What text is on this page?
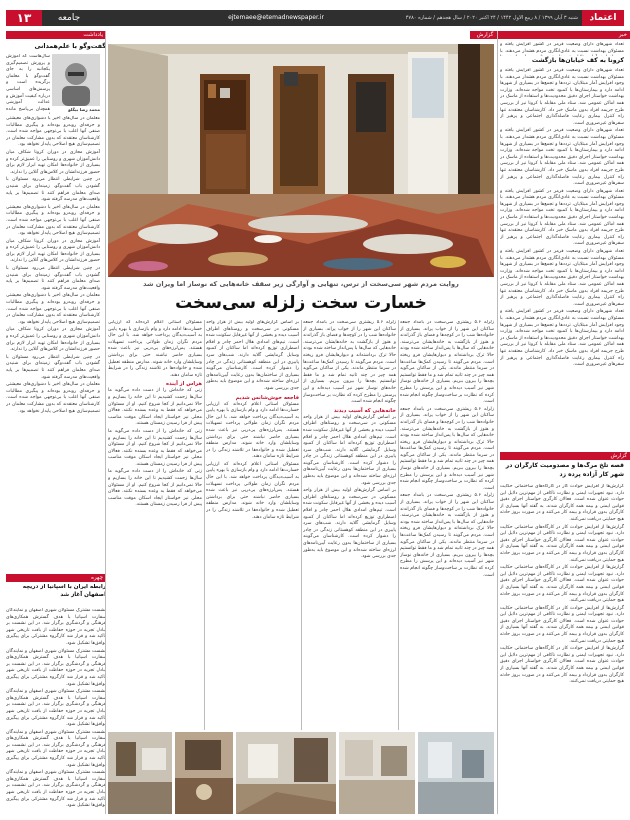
۱۳	جامعه	ejtemaee@etemadnewspaper.ir	شنبه ۳ آبان ۱۳۹۹ / ۸ ربیع الاول ۱۴۴۲ / ۲۴ اکتبر ۲۰۲۰ / سال هجدهم / شماره ۴۷۸۰	اعتماد
یادداشت
گفت‌وگو با علم‌همدانی
محمد رضا بیگلو

سال‌هاست که آموزش و پرورش تصمیم‌گیری یکجانبه را به جای گفت‌وگو با معلمان برگزیده است و پرسش‌های اساسی درباره کیفیت آموزش و عدالت آموزشی همچنان بی‌پاسخ مانده

معلمان در سال‌های اخیر با دشواری‌های معیشتی و حرفه‌ای روبه‌رو بوده‌اند و پیگیری مطالبات صنفی آنها اغلب با بی‌توجهی مواجه شده است. کارشناسان معتقدند که بدون مشارکت معلمان در تصمیم‌سازی هیچ اصلاحی پایدار نخواهد بود.

آموزش مجازی در دوران کرونا شکاف میان دانش‌آموزان شهری و روستایی را عمیق‌تر کرده و بسیاری از خانواده‌ها امکان تهیه ابزار لازم برای حضور فرزندانشان در کلاس‌های آنلاین را ندارند.

در چنین شرایطی انتظار می‌رود مسئولان با گشودن باب گفت‌وگو، زمینه‌ای برای شنیدن صدای معلمان فراهم کنند تا تصمیم‌ها بر پایه واقعیت‌های مدرسه گرفته شود.

معلمان در سال‌های اخیر با دشواری‌های معیشتی و حرفه‌ای روبه‌رو بوده‌اند و پیگیری مطالبات صنفی آنها اغلب با بی‌توجهی مواجه شده است. کارشناسان معتقدند که بدون مشارکت معلمان در تصمیم‌سازی هیچ اصلاحی پایدار نخواهد بود.

آموزش مجازی در دوران کرونا شکاف میان دانش‌آموزان شهری و روستایی را عمیق‌تر کرده و بسیاری از خانواده‌ها امکان تهیه ابزار لازم برای حضور فرزندانشان در کلاس‌های آنلاین را ندارند.

در چنین شرایطی انتظار می‌رود مسئولان با گشودن باب گفت‌وگو، زمینه‌ای برای شنیدن صدای معلمان فراهم کنند تا تصمیم‌ها بر پایه واقعیت‌های مدرسه گرفته شود.

معلمان در سال‌های اخیر با دشواری‌های معیشتی و حرفه‌ای روبه‌رو بوده‌اند و پیگیری مطالبات صنفی آنها اغلب با بی‌توجهی مواجه شده است. کارشناسان معتقدند که بدون مشارکت معلمان در تصمیم‌سازی هیچ اصلاحی پایدار نخواهد بود.

آموزش مجازی در دوران کرونا شکاف میان دانش‌آموزان شهری و روستایی را عمیق‌تر کرده و بسیاری از خانواده‌ها امکان تهیه ابزار لازم برای حضور فرزندانشان در کلاس‌های آنلاین را ندارند.

در چنین شرایطی انتظار می‌رود مسئولان با گشودن باب گفت‌وگو، زمینه‌ای برای شنیدن صدای معلمان فراهم کنند تا تصمیم‌ها بر پایه واقعیت‌های مدرسه گرفته شود.

معلمان در سال‌های اخیر با دشواری‌های معیشتی و حرفه‌ای روبه‌رو بوده‌اند و پیگیری مطالبات صنفی آنها اغلب با بی‌توجهی مواجه شده است. کارشناسان معتقدند که بدون مشارکت معلمان در تصمیم‌سازی هیچ اصلاحی پایدار نخواهد بود.

چهره
رابطه ایران با اسپانیا از دریچه اصفهان آغاز شد

نشست مشترک مسئولان شهری اصفهان و نمایندگان سفارت اسپانیا با هدف گسترش همکاری‌های فرهنگی و گردشگری برگزار شد. در این نشست بر تبادل تجربه در حوزه حفاظت از بافت تاریخی شهر تاکید شد و قرار شد کارگروه مشترکی برای پیگیری توافق‌ها تشکیل شود.

نشست مشترک مسئولان شهری اصفهان و نمایندگان سفارت اسپانیا با هدف گسترش همکاری‌های فرهنگی و گردشگری برگزار شد. در این نشست بر تبادل تجربه در حوزه حفاظت از بافت تاریخی شهر تاکید شد و قرار شد کارگروه مشترکی برای پیگیری توافق‌ها تشکیل شود.

نشست مشترک مسئولان شهری اصفهان و نمایندگان سفارت اسپانیا با هدف گسترش همکاری‌های فرهنگی و گردشگری برگزار شد. در این نشست بر تبادل تجربه در حوزه حفاظت از بافت تاریخی شهر تاکید شد و قرار شد کارگروه مشترکی برای پیگیری توافق‌ها تشکیل شود.

نشست مشترک مسئولان شهری اصفهان و نمایندگان سفارت اسپانیا با هدف گسترش همکاری‌های فرهنگی و گردشگری برگزار شد. در این نشست بر تبادل تجربه در حوزه حفاظت از بافت تاریخی شهر تاکید شد و قرار شد کارگروه مشترکی برای پیگیری توافق‌ها تشکیل شود.

نشست مشترک مسئولان شهری اصفهان و نمایندگان سفارت اسپانیا با هدف گسترش همکاری‌های فرهنگی و گردشگری برگزار شد. در این نشست بر تبادل تجربه در حوزه حفاظت از بافت تاریخی شهر تاکید شد و قرار شد کارگروه مشترکی برای پیگیری توافق‌ها تشکیل شود.

گزارش
روایت مردم شهر سی‌سخت از ترس، تنهایی و آوارگی زیر سقف خانه‌هایی که نوساز اما ویران شد
خسارت سخت زلزله سی‌سخت

زلزله ۵.۶ ریشتری سی‌سخت در بامداد جمعه ساکنان این شهر را از خواب پراند. بسیاری از خانواده‌ها شب را در کوچه‌ها و فضای باز گذراندند و هنوز از بازگشت به خانه‌هایشان می‌ترسند. خانه‌هایی که سال‌ها با پس‌انداز ساخته شده بودند حالا ترک برداشته‌اند و دیوارهایشان فرو ریخته است. مردم می‌گویند تا رسیدن کمک‌ها ساعت‌ها در سرما منتظر ماندند. یکی از ساکنان می‌گوید همه چیز در چند ثانیه تمام شد و ما فقط توانستیم بچه‌ها را بیرون ببریم. بسیاری از خانه‌های نوساز شهر نیز آسیب دیده‌اند و این پرسش را مطرح کرده که نظارت بر ساخت‌وساز چگونه انجام شده است.

زلزله ۵.۶ ریشتری سی‌سخت در بامداد جمعه ساکنان این شهر را از خواب پراند. بسیاری از خانواده‌ها شب را در کوچه‌ها و فضای باز گذراندند و هنوز از بازگشت به خانه‌هایشان می‌ترسند. خانه‌هایی که سال‌ها با پس‌انداز ساخته شده بودند حالا ترک برداشته‌اند و دیوارهایشان فرو ریخته است. مردم می‌گویند تا رسیدن کمک‌ها ساعت‌ها در سرما منتظر ماندند. یکی از ساکنان می‌گوید همه چیز در چند ثانیه تمام شد و ما فقط توانستیم بچه‌ها را بیرون ببریم. بسیاری از خانه‌های نوساز شهر نیز آسیب دیده‌اند و این پرسش را مطرح کرده که نظارت بر ساخت‌وساز چگونه انجام شده است.

زلزله ۵.۶ ریشتری سی‌سخت در بامداد جمعه ساکنان این شهر را از خواب پراند. بسیاری از خانواده‌ها شب را در کوچه‌ها و فضای باز گذراندند و هنوز از بازگشت به خانه‌هایشان می‌ترسند. خانه‌هایی که سال‌ها با پس‌انداز ساخته شده بودند حالا ترک برداشته‌اند و دیوارهایشان فرو ریخته است. مردم می‌گویند تا رسیدن کمک‌ها ساعت‌ها در سرما منتظر ماندند. یکی از ساکنان می‌گوید همه چیز در چند ثانیه تمام شد و ما فقط توانستیم بچه‌ها را بیرون ببریم. بسیاری از خانه‌های نوساز شهر نیز آسیب دیده‌اند و این پرسش را مطرح کرده که نظارت بر ساخت‌وساز چگونه انجام شده است.

زلزله ۵.۶ ریشتری سی‌سخت در بامداد جمعه ساکنان این شهر را از خواب پراند. بسیاری از خانواده‌ها شب را در کوچه‌ها و فضای باز گذراندند و هنوز از بازگشت به خانه‌هایشان می‌ترسند. خانه‌هایی که سال‌ها با پس‌انداز ساخته شده بودند حالا ترک برداشته‌اند و دیوارهایشان فرو ریخته است. مردم می‌گویند تا رسیدن کمک‌ها ساعت‌ها در سرما منتظر ماندند. یکی از ساکنان می‌گوید همه چیز در چند ثانیه تمام شد و ما فقط توانستیم بچه‌ها را بیرون ببریم. بسیاری از خانه‌های نوساز شهر نیز آسیب دیده‌اند و این پرسش را مطرح کرده که نظارت بر ساخت‌وساز چگونه انجام شده است.

خانه‌هایی که آسیب دیدند

بر اساس گزارش‌های اولیه بیش از هزار واحد مسکونی در سی‌سخت و روستاهای اطراف آسیب دیده و بخشی از آنها غیرقابل سکونت شده است. تیم‌های امدادی هلال احمر چادر و اقلام اضطراری توزیع کرده‌اند اما ساکنان از کمبود وسایل گرمایشی گلایه دارند. شب‌های سرد پاییزی در این منطقه کوهستانی زندگی در چادر را دشوار کرده است. کارشناسان می‌گویند بسیاری از ساختمان‌ها بدون رعایت آیین‌نامه‌های لرزه‌ای ساخته شده‌اند و این موضوع باید به‌طور جدی بررسی شود.

بر اساس گزارش‌های اولیه بیش از هزار واحد مسکونی در سی‌سخت و روستاهای اطراف آسیب دیده و بخشی از آنها غیرقابل سکونت شده است. تیم‌های امدادی هلال احمر چادر و اقلام اضطراری توزیع کرده‌اند اما ساکنان از کمبود وسایل گرمایشی گلایه دارند. شب‌های سرد پاییزی در این منطقه کوهستانی زندگی در چادر را دشوار کرده است. کارشناسان می‌گویند بسیاری از ساختمان‌ها بدون رعایت آیین‌نامه‌های لرزه‌ای ساخته شده‌اند و این موضوع باید به‌طور جدی بررسی شود.

بر اساس گزارش‌های اولیه بیش از هزار واحد مسکونی در سی‌سخت و روستاهای اطراف آسیب دیده و بخشی از آنها غیرقابل سکونت شده است. تیم‌های امدادی هلال احمر چادر و اقلام اضطراری توزیع کرده‌اند اما ساکنان از کمبود وسایل گرمایشی گلایه دارند. شب‌های سرد پاییزی در این منطقه کوهستانی زندگی در چادر را دشوار کرده است. کارشناسان می‌گویند بسیاری از ساختمان‌ها بدون رعایت آیین‌نامه‌های لرزه‌ای ساخته شده‌اند و این موضوع باید به‌طور جدی بررسی شود.

فاجعه خوش‌شانس شدیم

مسئولان استانی اعلام کرده‌اند که ارزیابی خسارت‌ها ادامه دارد و وام بازسازی با بهره پایین به آسیب‌دیدگان پرداخت خواهد شد. با این حال مردم نگران زمان طولانی پرداخت تسهیلات هستند. پس‌لرزه‌های پی‌درپی نیز باعث شده بسیاری حاضر نباشند حتی برای برداشتن وسایلشان وارد خانه شوند. مدارس منطقه تعطیل شده و خانواده‌ها در تلاشند زندگی را در شرایط تازه سامان دهند.

مسئولان استانی اعلام کرده‌اند که ارزیابی خسارت‌ها ادامه دارد و وام بازسازی با بهره پایین به آسیب‌دیدگان پرداخت خواهد شد. با این حال مردم نگران زمان طولانی پرداخت تسهیلات هستند. پس‌لرزه‌های پی‌درپی نیز باعث شده بسیاری حاضر نباشند حتی برای برداشتن وسایلشان وارد خانه شوند. مدارس منطقه تعطیل شده و خانواده‌ها در تلاشند زندگی را در شرایط تازه سامان دهند.

مسئولان استانی اعلام کرده‌اند که ارزیابی خسارت‌ها ادامه دارد و وام بازسازی با بهره پایین به آسیب‌دیدگان پرداخت خواهد شد. با این حال مردم نگران زمان طولانی پرداخت تسهیلات هستند. پس‌لرزه‌های پی‌درپی نیز باعث شده بسیاری حاضر نباشند حتی برای برداشتن وسایلشان وارد خانه شوند. مدارس منطقه تعطیل شده و خانواده‌ها در تلاشند زندگی را در شرایط تازه سامان دهند.

هراس از آینده

زنی که خانه‌اش را از دست داده می‌گوید ما سال‌ها زحمت کشیدیم تا این خانه را بسازیم و حالا نمی‌دانیم از کجا شروع کنیم. او از مسئولان می‌خواهد که فقط به وعده بسنده نکنند. فعالان محلی نیز خواستار ایجاد اسکان موقت مناسب پیش از فرا رسیدن زمستان هستند.

زنی که خانه‌اش را از دست داده می‌گوید ما سال‌ها زحمت کشیدیم تا این خانه را بسازیم و حالا نمی‌دانیم از کجا شروع کنیم. او از مسئولان می‌خواهد که فقط به وعده بسنده نکنند. فعالان محلی نیز خواستار ایجاد اسکان موقت مناسب پیش از فرا رسیدن زمستان هستند.

زنی که خانه‌اش را از دست داده می‌گوید ما سال‌ها زحمت کشیدیم تا این خانه را بسازیم و حالا نمی‌دانیم از کجا شروع کنیم. او از مسئولان می‌خواهد که فقط به وعده بسنده نکنند. فعالان محلی نیز خواستار ایجاد اسکان موقت مناسب پیش از فرا رسیدن زمستان هستند.

خبر

تعداد شهرهای دارای وضعیت قرمز در کشور افزایش یافته و مسئولان بهداشت نسبت به عادی‌انگاری مردم هشدار می‌دهند. با

کرونا به کف خیابان‌ها بازگشت

تعداد شهرهای دارای وضعیت قرمز در کشور افزایش یافته و مسئولان بهداشت نسبت به عادی‌انگاری مردم هشدار می‌دهند. با وجود افزایش آمار مبتلایان، ترددها و تجمع‌ها در بسیاری از شهرها ادامه دارد و بیمارستان‌ها با کمبود تخت مواجه شده‌اند. وزارت بهداشت خواستار اجرای دقیق محدودیت‌ها و استفاده از ماسک در همه اماکن عمومی شد. ستاد ملی مقابله با کرونا نیز از بررسی طرح جریمه افراد بدون ماسک خبر داد. کارشناسان معتقدند تنها راه کنترل بیماری رعایت فاصله‌گذاری اجتماعی و پرهیز از سفرهای غیرضروری است.

تعداد شهرهای دارای وضعیت قرمز در کشور افزایش یافته و مسئولان بهداشت نسبت به عادی‌انگاری مردم هشدار می‌دهند. با وجود افزایش آمار مبتلایان، ترددها و تجمع‌ها در بسیاری از شهرها ادامه دارد و بیمارستان‌ها با کمبود تخت مواجه شده‌اند. وزارت بهداشت خواستار اجرای دقیق محدودیت‌ها و استفاده از ماسک در همه اماکن عمومی شد. ستاد ملی مقابله با کرونا نیز از بررسی طرح جریمه افراد بدون ماسک خبر داد. کارشناسان معتقدند تنها راه کنترل بیماری رعایت فاصله‌گذاری اجتماعی و پرهیز از سفرهای غیرضروری است.

تعداد شهرهای دارای وضعیت قرمز در کشور افزایش یافته و مسئولان بهداشت نسبت به عادی‌انگاری مردم هشدار می‌دهند. با وجود افزایش آمار مبتلایان، ترددها و تجمع‌ها در بسیاری از شهرها ادامه دارد و بیمارستان‌ها با کمبود تخت مواجه شده‌اند. وزارت بهداشت خواستار اجرای دقیق محدودیت‌ها و استفاده از ماسک در همه اماکن عمومی شد. ستاد ملی مقابله با کرونا نیز از بررسی طرح جریمه افراد بدون ماسک خبر داد. کارشناسان معتقدند تنها راه کنترل بیماری رعایت فاصله‌گذاری اجتماعی و پرهیز از سفرهای غیرضروری است.

تعداد شهرهای دارای وضعیت قرمز در کشور افزایش یافته و مسئولان بهداشت نسبت به عادی‌انگاری مردم هشدار می‌دهند. با وجود افزایش آمار مبتلایان، ترددها و تجمع‌ها در بسیاری از شهرها ادامه دارد و بیمارستان‌ها با کمبود تخت مواجه شده‌اند. وزارت بهداشت خواستار اجرای دقیق محدودیت‌ها و استفاده از ماسک در همه اماکن عمومی شد. ستاد ملی مقابله با کرونا نیز از بررسی طرح جریمه افراد بدون ماسک خبر داد. کارشناسان معتقدند تنها راه کنترل بیماری رعایت فاصله‌گذاری اجتماعی و پرهیز از سفرهای غیرضروری است.

تعداد شهرهای دارای وضعیت قرمز در کشور افزایش یافته و مسئولان بهداشت نسبت به عادی‌انگاری مردم هشدار می‌دهند. با وجود افزایش آمار مبتلایان، ترددها و تجمع‌ها در بسیاری از شهرها ادامه دارد و بیمارستان‌ها با کمبود تخت مواجه شده‌اند. وزارت بهداشت خواستار اجرای دقیق محدودیت‌ها و استفاده از ماسک در همه اماکن عمومی شد. ستاد ملی مقابله با کرونا نیز از بررسی طرح جریمه افراد بدون ماسک خبر داد. کارشناسان معتقدند تنها راه کنترل بیماری رعایت فاصله‌گذاری اجتماعی و پرهیز از سفرهای غیرضروری است.

گزارش
قصه تلخ مرگ‌ها و مصدومیت کارگران در شهر کار آزاده پرده زد

گزارش‌ها از افزایش حوادث کار در کارگاه‌های ساختمانی حکایت دارد. نبود تجهیزات ایمنی و نظارت ناکافی از مهم‌ترین دلایل این حوادث عنوان شده است. فعالان کارگری خواستار اجرای دقیق قوانین ایمنی و بیمه همه کارگران شدند. به گفته آنها بسیاری از کارگران بدون قرارداد و بیمه کار می‌کنند و در صورت بروز حادثه هیچ حمایتی دریافت نمی‌کنند.

گزارش‌ها از افزایش حوادث کار در کارگاه‌های ساختمانی حکایت دارد. نبود تجهیزات ایمنی و نظارت ناکافی از مهم‌ترین دلایل این حوادث عنوان شده است. فعالان کارگری خواستار اجرای دقیق قوانین ایمنی و بیمه همه کارگران شدند. به گفته آنها بسیاری از کارگران بدون قرارداد و بیمه کار می‌کنند و در صورت بروز حادثه هیچ حمایتی دریافت نمی‌کنند.

گزارش‌ها از افزایش حوادث کار در کارگاه‌های ساختمانی حکایت دارد. نبود تجهیزات ایمنی و نظارت ناکافی از مهم‌ترین دلایل این حوادث عنوان شده است. فعالان کارگری خواستار اجرای دقیق قوانین ایمنی و بیمه همه کارگران شدند. به گفته آنها بسیاری از کارگران بدون قرارداد و بیمه کار می‌کنند و در صورت بروز حادثه هیچ حمایتی دریافت نمی‌کنند.

گزارش‌ها از افزایش حوادث کار در کارگاه‌های ساختمانی حکایت دارد. نبود تجهیزات ایمنی و نظارت ناکافی از مهم‌ترین دلایل این حوادث عنوان شده است. فعالان کارگری خواستار اجرای دقیق قوانین ایمنی و بیمه همه کارگران شدند. به گفته آنها بسیاری از کارگران بدون قرارداد و بیمه کار می‌کنند و در صورت بروز حادثه هیچ حمایتی دریافت نمی‌کنند.

گزارش‌ها از افزایش حوادث کار در کارگاه‌های ساختمانی حکایت دارد. نبود تجهیزات ایمنی و نظارت ناکافی از مهم‌ترین دلایل این حوادث عنوان شده است. فعالان کارگری خواستار اجرای دقیق قوانین ایمنی و بیمه همه کارگران شدند. به گفته آنها بسیاری از کارگران بدون قرارداد و بیمه کار می‌کنند و در صورت بروز حادثه هیچ حمایتی دریافت نمی‌کنند.
